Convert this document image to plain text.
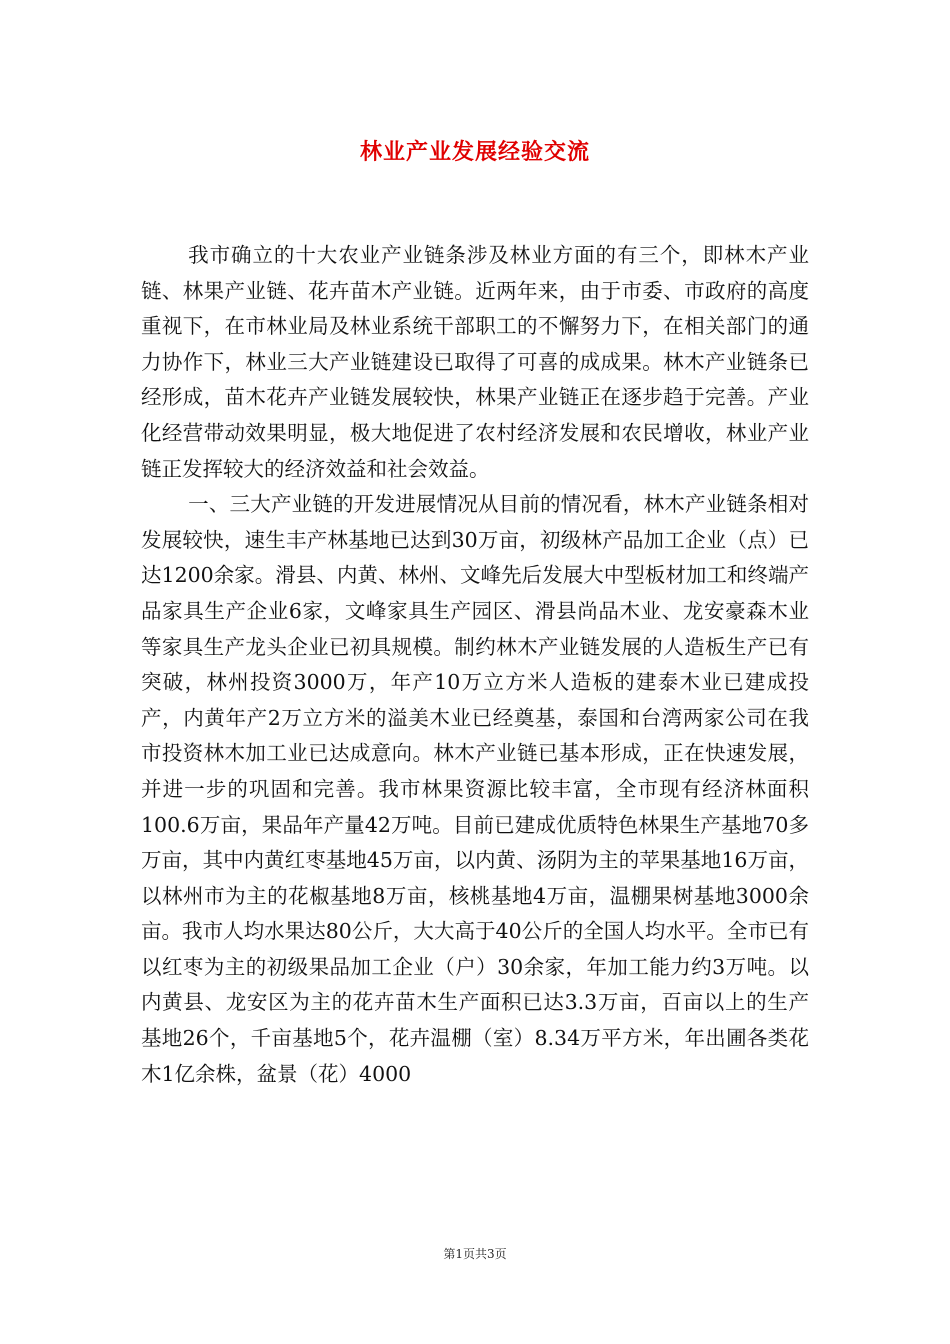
林业产业发展经验交流

我市确立的十大农业产业链条涉及林业方面的有三个，即林木产业链、林果产业链、花卉苗木产业链。近两年来，由于市委、市政府的高度重视下，在市林业局及林业系统干部职工的不懈努力下，在相关部门的通力协作下，林业三大产业链建设已取得了可喜的成成果。林木产业链条已经形成，苗木花卉产业链发展较快，林果产业链正在逐步趋于完善。产业化经营带动效果明显，极大地促进了农村经济发展和农民增收，林业产业链正发挥较大的经济效益和社会效益。

一、三大产业链的开发进展情况从目前的情况看，林木产业链条相对发展较快，速生丰产林基地已达到30万亩，初级林产品加工企业（点）已达1200余家。滑县、内黄、林州、文峰先后发展大中型板材加工和终端产品家具生产企业6家，文峰家具生产园区、滑县尚品木业、龙安豪森木业等家具生产龙头企业已初具规模。制约林木产业链发展的人造板生产已有突破，林州投资3000万，年产10万立方米人造板的建泰木业已建成投产，内黄年产2万立方米的溢美木业已经奠基，泰国和台湾两家公司在我市投资林木加工业已达成意向。林木产业链已基本形成，正在快速发展，并进一步的巩固和完善。我市林果资源比较丰富，全市现有经济林面积100.6万亩，果品年产量42万吨。目前已建成优质特色林果生产基地70多万亩，其中内黄红枣基地45万亩，以内黄、汤阴为主的苹果基地16万亩，以林州市为主的花椒基地8万亩，核桃基地4万亩，温棚果树基地3000余亩。我市人均水果达80公斤，大大高于40公斤的全国人均水平。全市已有以红枣为主的初级果品加工企业（户）30余家，年加工能力约3万吨。以内黄县、龙安区为主的花卉苗木生产面积已达3.3万亩，百亩以上的生产基地26个，千亩基地5个，花卉温棚（室）8.34万平方米，年出圃各类花木1亿余株，盆景（花）4000

第1页共3页
